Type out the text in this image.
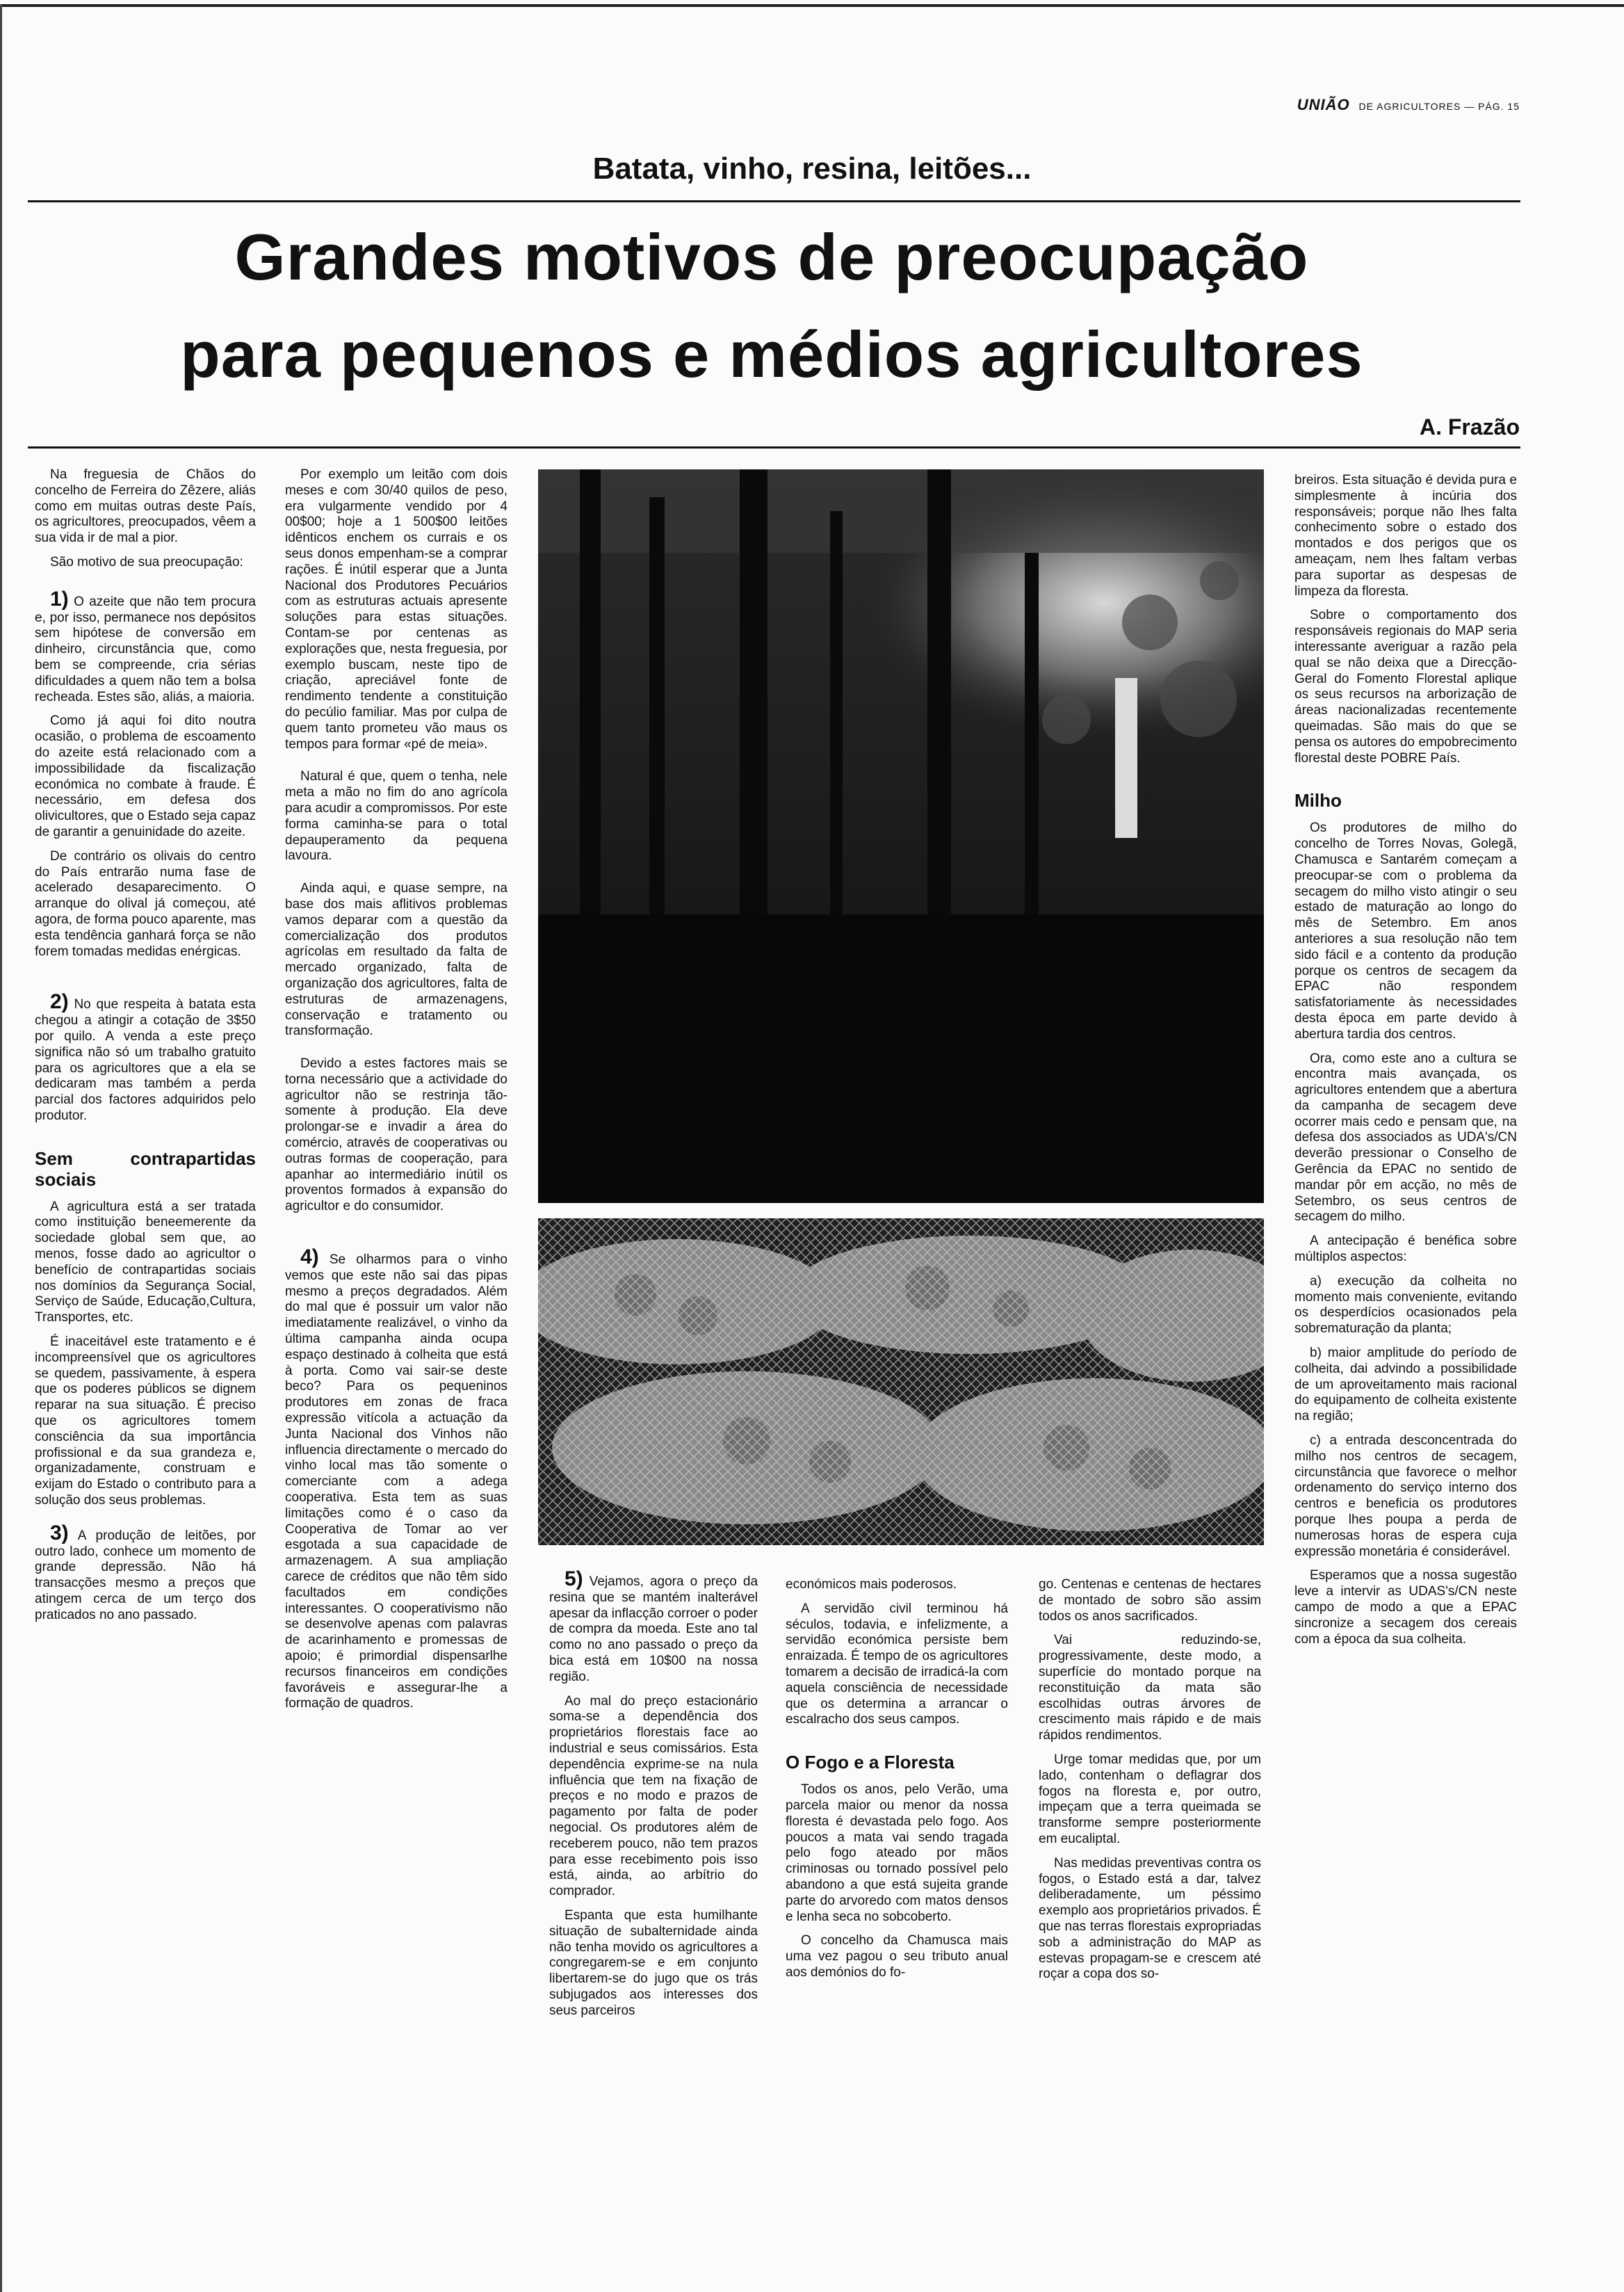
UNIÃO DE AGRICULTORES — PÁG. 15
Batata, vinho, resina, leitões...
Grandes motivos de preocupação
para pequenos e médios agricultores
A. Frazão

Na freguesia de Chãos do concelho de Ferreira do Zêzere, aliás como em muitas outras deste País, os agricultores, preocupados, vêem a sua vida ir de mal a pior.

São motivo de sua preocupação:

1) O azeite que não tem procura e, por isso, permanece nos depósitos sem hipótese de conversão em dinheiro, circunstância que, como bem se compreende, cria sérias dificuldades a quem não tem a bolsa recheada. Estes são, aliás, a maioria.

Como já aqui foi dito noutra ocasião, o problema de escoamento do azeite está relacionado com a impossibilidade da fiscalização económica no combate à fraude. É necessário, em defesa dos olivicultores, que o Estado seja capaz de garantir a genuinidade do azeite.

De contrário os olivais do centro do País entrarão numa fase de acelerado desaparecimento. O arranque do olival já começou, até agora, de forma pouco aparente, mas esta tendência ganhará força se não forem tomadas medidas enérgicas.

2) No que respeita à batata esta chegou a atingir a cotação de 3$50 por quilo. A venda a este preço significa não só um trabalho gratuito para os agricultores que a ela se dedicaram mas também a perda parcial dos factores adquiridos pelo produtor.

Sem contrapartidas sociais

A agricultura está a ser tratada como instituição beneemerente da sociedade global sem que, ao menos, fosse dado ao agricultor o benefício de contrapartidas sociais nos domínios da Segurança Social, Serviço de Saúde, Educação,Cultura, Transportes, etc.

É inaceitável este tratamento e é incompreensível que os agricultores se quedem, passivamente, à espera que os poderes públicos se dignem reparar na sua situação. É preciso que os agricultores tomem consciência da sua importância profissional e da sua grandeza e, organizadamente, construam e exijam do Estado o contributo para a solução dos seus problemas.

3) A produção de leitões, por outro lado, conhece um momento de grande depressão. Não há transacções mesmo a preços que atingem cerca de um terço dos praticados no ano passado.

Por exemplo um leitão com dois meses e com 30/40 quilos de peso, era vulgarmente vendido por 4 00$00; hoje a 1 500$00 leitões idênticos enchem os currais e os seus donos empenham-se a comprar rações. É inútil esperar que a Junta Nacional dos Produtores Pecuários com as estruturas actuais apresente soluções para estas situações. Contam-se por centenas as explorações que, nesta freguesia, por exemplo buscam, neste tipo de criação, apreciável fonte de rendimento tendente a constituição do pecúlio familiar. Mas por culpa de quem tanto prometeu vão maus os tempos para formar «pé de meia».

Natural é que, quem o tenha, nele meta a mão no fim do ano agrícola para acudir a compromissos. Por este forma caminha-se para o total depauperamento da pequena lavoura.

Ainda aqui, e quase sempre, na base dos mais aflitivos problemas vamos deparar com a questão da comercialização dos produtos agrícolas em resultado da falta de mercado organizado, falta de organização dos agricultores, falta de estruturas de armazenagens, conservação e tratamento ou transformação.

Devido a estes factores mais se torna necessário que a actividade do agricultor não se restrinja tão- somente à produção. Ela deve prolongar-se e invadir a área do comércio, através de cooperativas ou outras formas de cooperação, para apanhar ao intermediário inútil os proventos formados à expansão do agricultor e do consumidor.

4) Se olharmos para o vinho vemos que este não sai das pipas mesmo a preços degradados. Além do mal que é possuir um valor não imediatamente realizável, o vinho da última campanha ainda ocupa espaço destinado à colheita que está à porta. Como vai sair-se deste beco? Para os pequeninos produtores em zonas de fraca expressão vitícola a actuação da Junta Nacional dos Vinhos não influencia directamente o mercado do vinho local mas tão somente o comerciante com a adega cooperativa. Esta tem as suas limitações como é o caso da Cooperativa de Tomar ao ver esgotada a sua capacidade de armazenagem. A sua ampliação carece de créditos que não têm sido facultados em condições interessantes. O cooperativismo não se desenvolve apenas com palavras de acarinhamento e promessas de apoio; é primordial dispensarlhe recursos financeiros em condições favoráveis e assegurar-lhe a formação de quadros.

5) Vejamos, agora o preço da resina que se mantém inalterável apesar da inflacção corroer o poder de compra da moeda. Este ano tal como no ano passado o preço da bica está em 10$00 na nossa região.

Ao mal do preço estacionário soma-se a dependência dos proprietários florestais face ao industrial e seus comissários. Esta dependência exprime-se na nula influência que tem na fixação de preços e no modo e prazos de pagamento por falta de poder negocial. Os produtores além de receberem pouco, não tem prazos para esse recebimento pois isso está, ainda, ao arbítrio do comprador.

Espanta que esta humilhante situação de subalternidade ainda não tenha movido os agricultores a congregarem-se e em conjunto libertarem-se do jugo que os trás subjugados aos interesses dos seus parceiros

económicos mais poderosos.

A servidão civil terminou há séculos, todavia, e infelizmente, a servidão económica persiste bem enraizada. É tempo de os agricultores tomarem a decisão de irradicá-la com aquela consciência de necessidade que os determina a arrancar o escalracho dos seus campos.

O Fogo e a Floresta

Todos os anos, pelo Verão, uma parcela maior ou menor da nossa floresta é devastada pelo fogo. Aos poucos a mata vai sendo tragada pelo fogo ateado por mãos criminosas ou tornado possível pelo abandono a que está sujeita grande parte do arvoredo com matos densos e lenha seca no sobcoberto.

O concelho da Chamusca mais uma vez pagou o seu tributo anual aos demónios do fo-

go. Centenas e centenas de hectares de montado de sobro são assim todos os anos sacrificados.

Vai reduzindo-se, progressivamente, deste modo, a superfície do montado porque na reconstituição da mata são escolhidas outras árvores de crescimento mais rápido e de mais rápidos rendimentos.

Urge tomar medidas que, por um lado, contenham o deflagrar dos fogos na floresta e, por outro, impeçam que a terra queimada se transforme sempre posteriormente em eucaliptal.

Nas medidas preventivas contra os fogos, o Estado está a dar, talvez deliberadamente, um péssimo exemplo aos proprietários privados. É que nas terras florestais expropriadas sob a administração do MAP as estevas propagam-se e crescem até roçar a copa dos so-

breiros. Esta situação é devida pura e simplesmente à incúria dos responsáveis; porque não lhes falta conhecimento sobre o estado dos montados e dos perigos que os ameaçam, nem lhes faltam verbas para suportar as despesas de limpeza da floresta.

Sobre o comportamento dos responsáveis regionais do MAP seria interessante averiguar a razão pela qual se não deixa que a Direcção-Geral do Fomento Florestal aplique os seus recursos na arborização de áreas nacionalizadas recentemente queimadas. São mais do que se pensa os autores do empobrecimento florestal deste POBRE País.

Milho

Os produtores de milho do concelho de Torres Novas, Golegã, Chamusca e Santarém começam a preocupar-se com o problema da secagem do milho visto atingir o seu estado de maturação ao longo do mês de Setembro. Em anos anteriores a sua resolução não tem sido fácil e a contento da produção porque os centros de secagem da EPAC não respondem satisfatoriamente às necessidades desta época em parte devido à abertura tardia dos centros.

Ora, como este ano a cultura se encontra mais avançada, os agricultores entendem que a abertura da campanha de secagem deve ocorrer mais cedo e pensam que, na defesa dos associados as UDA's/CN deverão pressionar o Conselho de Gerência da EPAC no sentido de mandar pôr em acção, no mês de Setembro, os seus centros de secagem do milho.

A antecipação é benéfica sobre múltiplos aspectos:

a) execução da colheita no momento mais conveniente, evitando os desperdícios ocasionados pela sobrematuração da planta;

b) maior amplitude do período de colheita, dai advindo a possibilidade de um aproveitamento mais racional do equipamento de colheita existente na região;

c) a entrada desconcentrada do milho nos centros de secagem, circunstância que favorece o melhor ordenamento do serviço interno dos centros e beneficia os produtores porque lhes poupa a perda de numerosas horas de espera cuja expressão monetária é considerável.

Esperamos que a nossa sugestão leve a intervir as UDAS's/CN neste campo de modo a que a EPAC sincronize a secagem dos cereais com a época da sua colheita.
